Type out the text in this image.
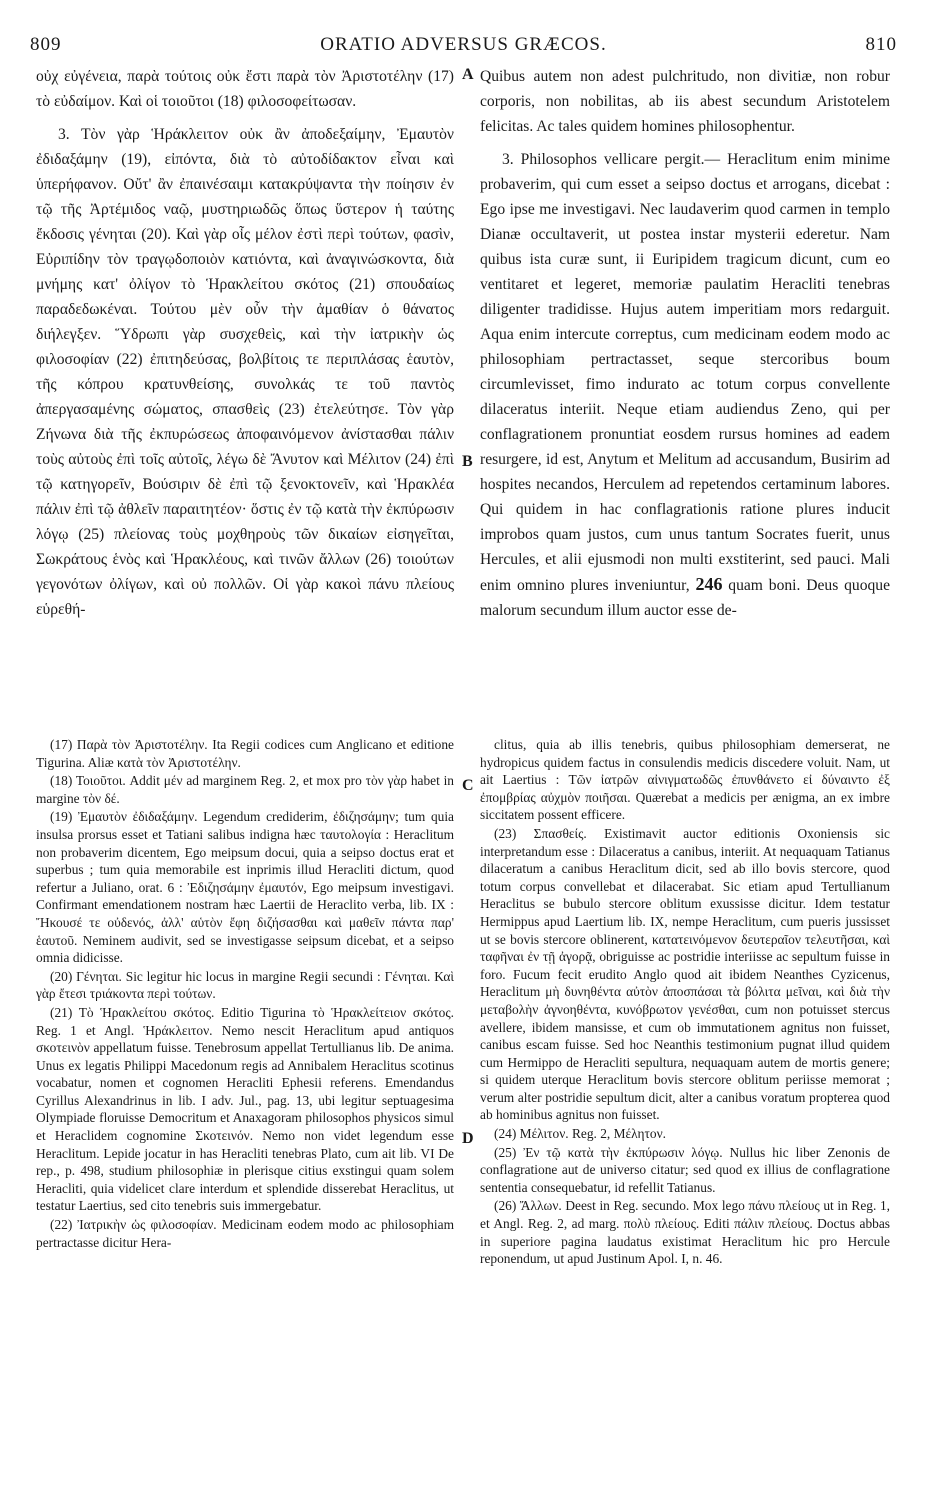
809	ORATIO ADVERSUS GRÆCOS.	810

οὐχ εὐγένεια, παρὰ τούτοις οὐκ ἔστι παρὰ τὸν Ἀριστοτέλην (17) τὸ εὐδαίμον. Καὶ οἱ τοιοῦτοι (18) φιλοσοφείτωσαν.

3. Τὸν γὰρ Ἡράκλειτον οὐκ ἂν ἀποδεξαίμην, Ἐμαυτὸν ἐδιδαξάμην (19), εἰπόντα, διὰ τὸ αὐτοδίδακτον εἶναι καὶ ὑπερήφανον. Οὔτ' ἂν ἐπαινέσαιμι κατακρύψαντα τὴν ποίησιν ἐν τῷ τῆς Ἀρτέμιδος ναῷ, μυστηριωδῶς ὅπως ὕστερον ἡ ταύτης ἔκδοσις γένηται (20). Καὶ γὰρ οἷς μέλον ἐστὶ περὶ τούτων, φασὶν, Εὐριπίδην τὸν τραγῳδοποιὸν κατιόντα, καὶ ἀναγινώσκοντα, διὰ μνήμης κατ' ὀλίγον τὸ Ἡρακλείτου σκότος (21) σπουδαίως παραδεδωκέναι. Τούτου μὲν οὖν τὴν ἀμαθίαν ὁ θάνατος διήλεγξεν. Ὕδρωπι γὰρ συσχεθεὶς, καὶ τὴν ἰατρικὴν ὡς φιλοσοφίαν (22) ἐπιτηδεύσας, βολβίτοις τε περιπλάσας ἑαυτὸν, τῆς κόπρου κρατυνθείσης, συνολκάς τε τοῦ παντὸς ἀπεργασαμένης σώματος, σπασθεὶς (23) ἐτελεύτησε. Τὸν γὰρ Ζήνωνα διὰ τῆς ἐκπυρώσεως ἀποφαινόμενον ἀνίστασθαι πάλιν τοὺς αὐτοὺς ἐπὶ τοῖς αὐτοῖς, λέγω δὲ Ἄνυτον καὶ Μέλιτον (24) ἐπὶ τῷ κατηγορεῖν, Βούσιριν δὲ ἐπὶ τῷ ξενοκτονεῖν, καὶ Ἡρακλέα πάλιν ἐπὶ τῷ ἀθλεῖν παραιτητέον· ὅστις ἐν τῷ κατὰ τὴν ἐκπύρωσιν λόγῳ (25) πλείονας τοὺς μοχθηροὺς τῶν δικαίων εἰσηγεῖται, Σωκράτους ἑνὸς καὶ Ἡρακλέους, καὶ τινῶν ἄλλων (26) τοιούτων γεγονότων ὀλίγων, καὶ οὐ πολλῶν. Οἱ γὰρ κακοὶ πάνυ πλείους εὑρεθή-

Quibus autem non adest pulchritudo, non divitiæ, non robur corporis, non nobilitas, ab iis abest secundum Aristotelem felicitas. Ac tales quidem homines philosophentur.

3. Philosophos vellicare pergit.— Heraclitum enim minime probaverim, qui cum esset a seipso doctus et arrogans, dicebat : Ego ipse me investigavi. Nec laudaverim quod carmen in templo Dianæ occultaverit, ut postea instar mysterii ederetur. Nam quibus ista curæ sunt, ii Euripidem tragicum dicunt, cum eo ventitaret et legeret, memoriæ paulatim Heracliti tenebras diligenter tradidisse. Hujus autem imperitiam mors redarguit. Aqua enim intercute correptus, cum medicinam eodem modo ac philosophiam pertractasset, seque stercoribus boum circumlevisset, fimo indurato ac totum corpus convellente dilaceratus interiit. Neque etiam audiendus Zeno, qui per conflagrationem pronuntiat eosdem rursus homines ad eadem resurgere, id est, Anytum et Melitum ad accusandum, Busirim ad hospites necandos, Herculem ad repetendos certaminum labores. Qui quidem in hac conflagrationis ratione plures inducit improbos quam justos, cum unus tantum Socrates fuerit, unus Hercules, et alii ejusmodi non multi exstiterint, sed pauci. Mali enim omnino plures inveniuntur, 246 quam boni. Deus quoque malorum secundum illum auctor esse de-

A
B
C
D

(17) Παρὰ τὸν Ἀριστοτέλην. Ita Regii codices cum Anglicano et editione Tigurina. Aliæ κατὰ τὸν Ἀριστοτέλην.

(18) Τοιοῦτοι. Addit μέν ad marginem Reg. 2, et mox pro τὸν γὰρ habet in margine τὸν δέ.

(19) Ἐμαυτὸν ἐδιδαξάμην. Legendum crediderim, ἐδιζησάμην; tum quia insulsa prorsus esset et Tatiani salibus indigna hæc ταυτολογία : Heraclitum non probaverim dicentem, Ego meipsum docui, quia a seipso doctus erat et superbus ; tum quia memorabile est inprimis illud Heracliti dictum, quod refertur a Juliano, orat. 6 : Ἐδιζησάμην ἐμαυτόν, Ego meipsum investigavi. Confirmant emendationem nostram hæc Laertii de Heraclito verba, lib. IX : Ἤκουσέ τε οὐδενός, ἀλλ' αὑτὸν ἔφη διζήσασθαι καὶ μαθεῖν πάντα παρ' ἑαυτοῦ. Neminem audivit, sed se investigasse seipsum dicebat, et a seipso omnia didicisse.

(20) Γένηται. Sic legitur hic locus in margine Regii secundi : Γένηται. Καὶ γὰρ ἔτεσι τριάκοντα περὶ τούτων.

(21) Τὸ Ἡρακλείτου σκότος. Editio Tigurina τὸ Ἡρακλείτειον σκότος. Reg. 1 et Angl. Ἡράκλειτον. Nemo nescit Heraclitum apud antiquos σκοτεινὸν appellatum fuisse. Tenebrosum appellat Tertullianus lib. De anima. Unus ex legatis Philippi Macedonum regis ad Annibalem Heraclitus scotinus vocabatur, nomen et cognomen Heracliti Ephesii referens. Emendandus Cyrillus Alexandrinus in lib. I adv. Jul., pag. 13, ubi legitur septuagesima Olympiade floruisse Democritum et Anaxagoram philosophos physicos simul et Heraclidem cognomine Σκοτεινόν. Nemo non videt legendum esse Heraclitum. Lepide jocatur in has Heracliti tenebras Plato, cum ait lib. VI De rep., p. 498, studium philosophiæ in plerisque citius exstingui quam solem Heracliti, quia videlicet clare interdum et splendide disserebat Heraclitus, ut testatur Laertius, sed cito tenebris suis immergebatur.

(22) Ἰατρικὴν ὡς φιλοσοφίαν. Medicinam eodem modo ac philosophiam pertractasse dicitur Hera-

clitus, quia ab illis tenebris, quibus philosophiam demerserat, ne hydropicus quidem factus in consulendis medicis discedere voluit. Nam, ut ait Laertius : Τῶν ἰατρῶν αἰνιγματωδῶς ἐπυνθάνετο εἰ δύναιντο ἐξ ἐπομβρίας αὐχμὸν ποιῆσαι. Quærebat a medicis per ænigma, an ex imbre siccitatem possent efficere.

(23) Σπασθείς. Existimavit auctor editionis Oxoniensis sic interpretandum esse : Dilaceratus a canibus, interiit. At nequaquam Tatianus dilaceratum a canibus Heraclitum dicit, sed ab illo bovis stercore, quod totum corpus convellebat et dilacerabat. Sic etiam apud Tertullianum Heraclitus se bubulo stercore oblitum exussisse dicitur. Idem testatur Hermippus apud Laertium lib. IX, nempe Heraclitum, cum pueris jussisset ut se bovis stercore oblinerent, κατατεινόμενον δευτεραῖον τελευτῆσαι, καὶ ταφῆναι ἐν τῇ ἀγορᾷ, obriguisse ac postridie interiisse ac sepultum fuisse in foro. Fucum fecit erudito Anglo quod ait ibidem Neanthes Cyzicenus, Heraclitum μὴ δυνηθέντα αὐτὸν ἀποσπάσαι τὰ βόλιτα μεῖναι, καὶ διὰ τὴν μεταβολὴν ἀγνοηθέντα, κυνόβρωτον γενέσθαι, cum non potuisset stercus avellere, ibidem mansisse, et cum ob immutationem agnitus non fuisset, canibus escam fuisse. Sed hoc Neanthis testimonium pugnat illud quidem cum Hermippo de Heracliti sepultura, nequaquam autem de mortis genere; si quidem uterque Heraclitum bovis stercore oblitum periisse memorat ; verum alter postridie sepultum dicit, alter a canibus voratum propterea quod ab hominibus agnitus non fuisset.

(24) Μέλιτον. Reg. 2, Μέλητον.

(25) Ἐν τῷ κατὰ τὴν ἐκπύρωσιν λόγῳ. Nullus hic liber Zenonis de conflagratione aut de universo citatur; sed quod ex illius de conflagratione sententia consequebatur, id refellit Tatianus.

(26) Ἄλλων. Deest in Reg. secundo. Mox lego πάνυ πλείους ut in Reg. 1, et Angl. Reg. 2, ad marg. πολὺ πλείους. Editi πάλιν πλείους. Doctus abbas in superiore pagina laudatus existimat Heraclitum hic pro Hercule reponendum, ut apud Justinum Apol. I, n. 46.
